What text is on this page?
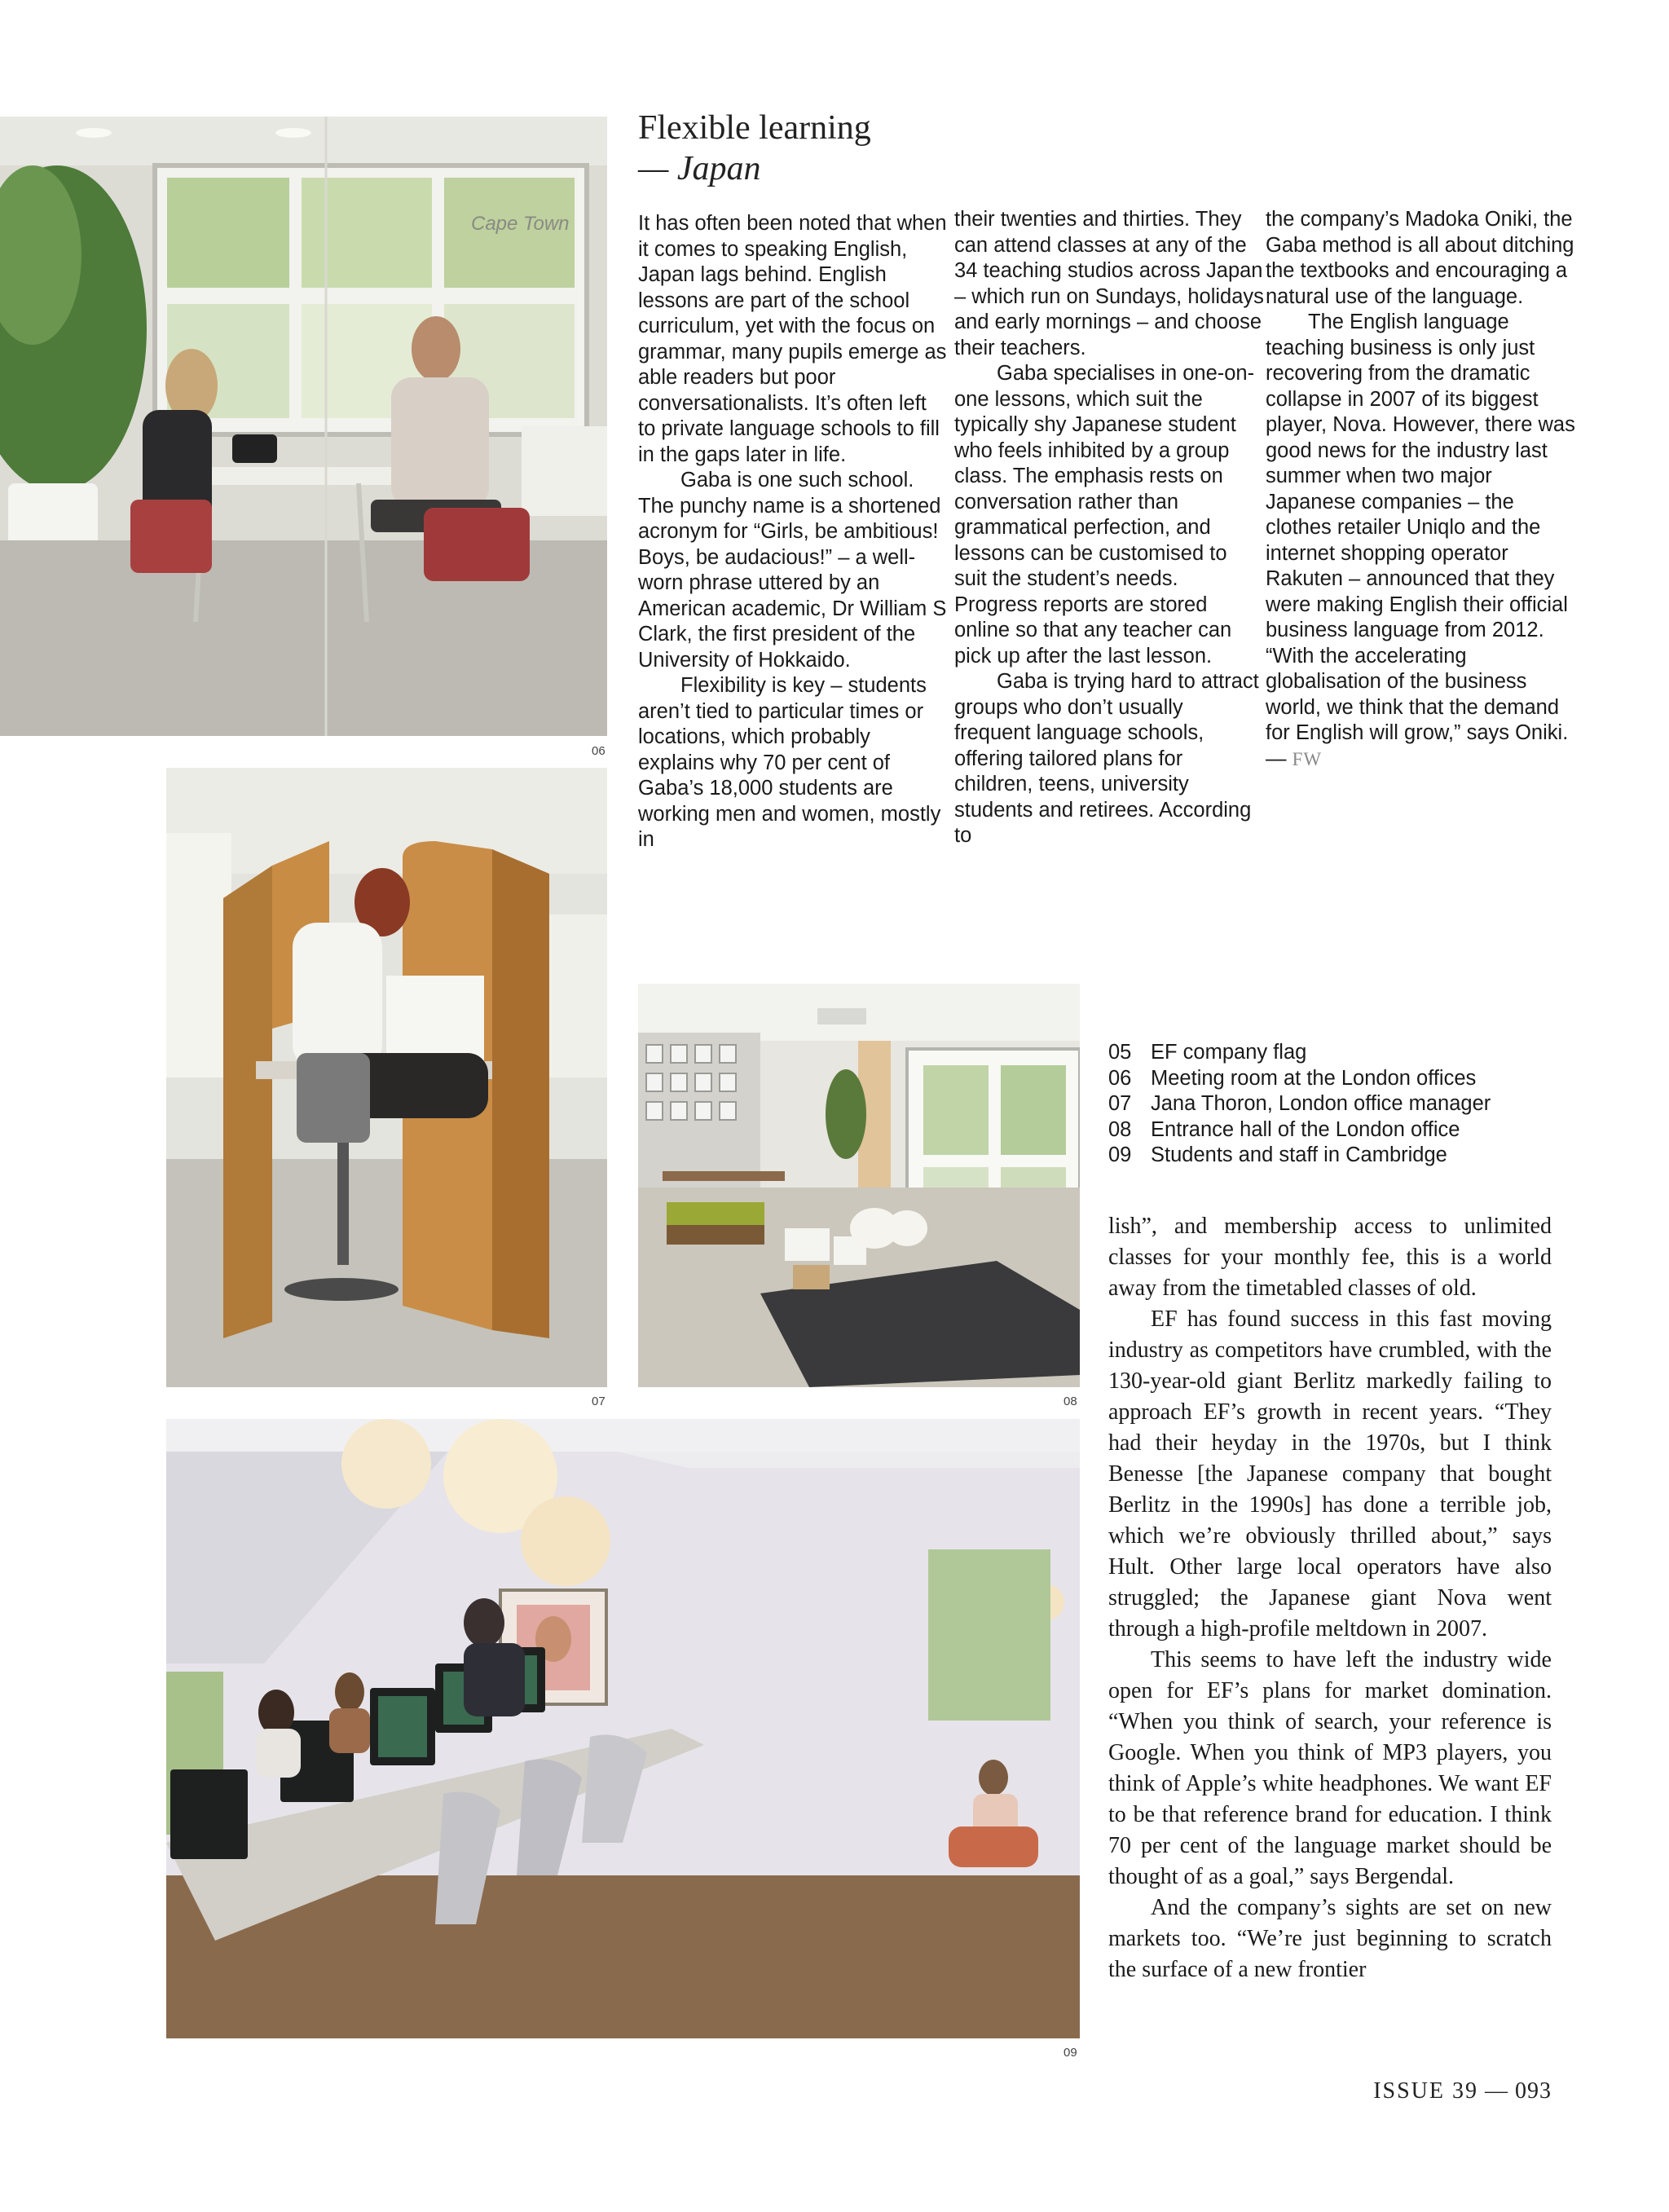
Cape Town
06
Flexible learning
— Japan

It has often been noted that when it comes to speaking English, Japan lags behind. English lessons are part of the school curriculum, yet with the focus on grammar, many pupils emerge as able readers but poor conversationalists. It’s often left to private language schools to fill in the gaps later in life.

Gaba is one such school. The punchy name is a shortened acronym for “Girls, be ambitious! Boys, be audacious!” – a well-worn phrase uttered by an American academic, Dr William S Clark, the first president of the University of Hokkaido.

Flexibility is key – students aren’t tied to particular times or locations, which probably explains why 70 per cent of Gaba’s 18,000 students are working men and women, mostly in

their twenties and thirties. They can attend classes at any of the 34 teaching studios across Japan – which run on Sundays, holidays and early mornings – and choose their teachers.

Gaba specialises in one-on-one lessons, which suit the typically shy Japanese student who feels inhibited by a group class. The emphasis rests on conversation rather than grammatical perfection, and lessons can be customised to suit the student’s needs. Progress reports are stored online so that any teacher can pick up after the last lesson.

Gaba is trying hard to attract groups who don’t usually frequent language schools, offering tailored plans for children, teens, university students and retirees. According to

the company’s Madoka Oniki, the Gaba method is all about ditching the textbooks and encouraging a natural use of the language.

The English language teaching business is only just recovering from the dramatic collapse in 2007 of its biggest player, Nova. However, there was good news for the industry last summer when two major Japanese companies – the clothes retailer Uniqlo and the internet shopping operator Rakuten – announced that they were making English their official business language from 2012. “With the accelerating globalisation of the business world, we think that the demand for English will grow,” says Oniki. — FW

07	08
05 EF company flag
06 Meeting room at the London offices
07 Jana Thoron, London office manager
08 Entrance hall of the London office
09 Students and staff in Cambridge
09

lish”, and membership access to unlimited classes for your monthly fee, this is a world away from the timetabled classes of old.

EF has found success in this fast moving industry as competitors have crumbled, with the 130-year-old giant Berlitz markedly failing to approach EF’s growth in recent years. “They had their heyday in the 1970s, but I think Benesse [the Japanese company that bought Berlitz in the 1990s] has done a terrible job, which we’re obviously thrilled about,” says Hult. Other large local operators have also struggled; the Japanese giant Nova went through a high-profile meltdown in 2007.

This seems to have left the industry wide open for EF’s plans for market domination. “When you think of search, your reference is Google. When you think of MP3 players, you think of Apple’s white headphones. We want EF to be that reference brand for education. I think 70 per cent of the language market should be thought of as a goal,” says Bergendal.

And the company’s sights are set on new markets too. “We’re just beginning to scratch the surface of a new frontier

ISSUE 39 — 093
